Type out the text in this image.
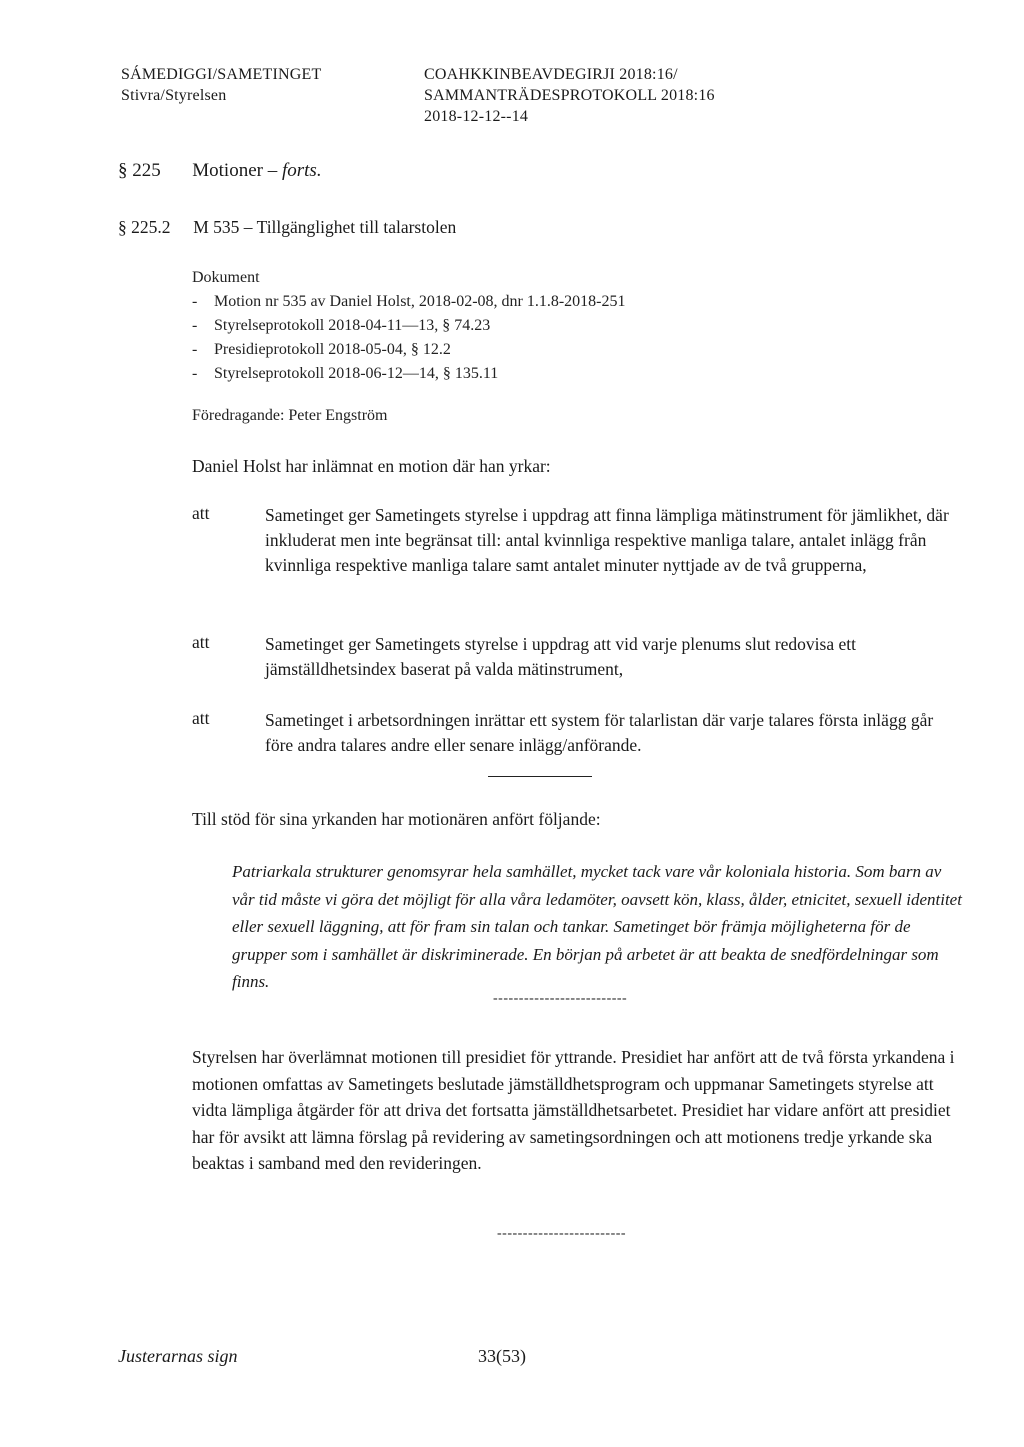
SÁMEDIGGI/SAMETINGET
Stivra/Styrelsen
COAHKKINBEAVDEGIRJI 2018:16/
SAMMANTRÄDESPROTOKOLL 2018:16
2018-12-12--14
§ 225 Motioner – forts.
§ 225.2 M 535 – Tillgänglighet till talarstolen
Dokument
- Motion nr 535 av Daniel Holst, 2018-02-08, dnr 1.1.8-2018-251
- Styrelseprotokoll 2018-04-11—13, § 74.23
- Presidieprotokoll 2018-05-04, § 12.2
- Styrelseprotokoll 2018-06-12—14, § 135.11
Föredragande: Peter Engström
Daniel Holst har inlämnat en motion där han yrkar:
att	Sametinget ger Sametingets styrelse i uppdrag att finna lämpliga mätinstrument för jämlikhet, där inkluderat men inte begränsat till: antal kvinnliga respektive manliga talare, antalet inlägg från kvinnliga respektive manliga talare samt antalet minuter nyttjade av de två grupperna,
att	Sametinget ger Sametingets styrelse i uppdrag att vid varje plenums slut redovisa ett jämställdhetsindex baserat på valda mätinstrument,
att	Sametinget i arbetsordningen inrättar ett system för talarlistan där varje talares första inlägg går före andra talares andre eller senare inlägg/anförande.
Till stöd för sina yrkanden har motionären anfört följande:
Patriarkala strukturer genomsyrar hela samhället, mycket tack vare vår koloniala historia. Som barn av vår tid måste vi göra det möjligt för alla våra ledamöter, oavsett kön, klass, ålder, etnicitet, sexuell identitet eller sexuell läggning, att för fram sin talan och tankar. Sametinget bör främja möjligheterna för de grupper som i samhället är diskriminerade. En början på arbetet är att beakta de snedfördelningar som finns.
--------------------------
Styrelsen har överlämnat motionen till presidiet för yttrande. Presidiet har anfört att de två första yrkandena i motionen omfattas av Sametingets beslutade jämställdhetsprogram och uppmanar Sametingets styrelse att vidta lämpliga åtgärder för att driva det fortsatta jämställdhetsarbetet. Presidiet har vidare anfört att presidiet har för avsikt att lämna förslag på revidering av sametingsordningen och att motionens tredje yrkande ska beaktas i samband med den revideringen.
-------------------------
Justerarnas sign	33(53)
